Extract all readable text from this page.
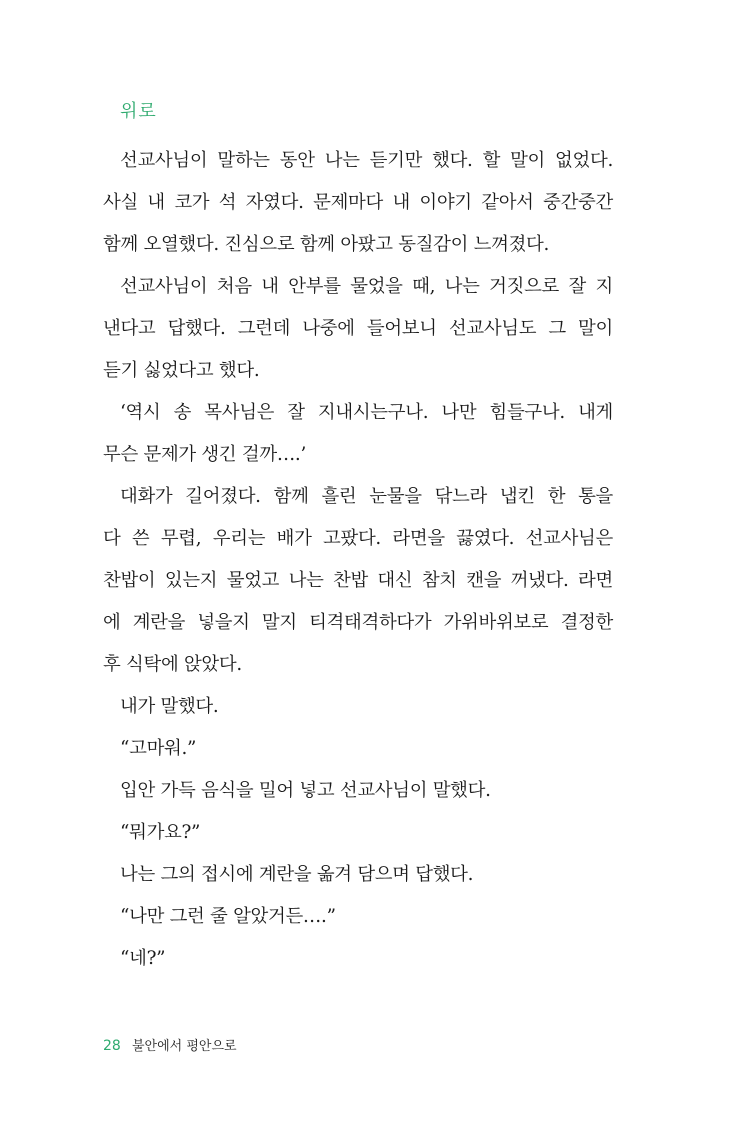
위로
선교사님이 말하는 동안 나는 듣기만 했다. 할 말이 없었다.
사실 내 코가 석 자였다. 문제마다 내 이야기 같아서 중간중간
함께 오열했다. 진심으로 함께 아팠고 동질감이 느껴졌다.
선교사님이 처음 내 안부를 물었을 때, 나는 거짓으로 잘 지
낸다고 답했다. 그런데 나중에 들어보니 선교사님도 그 말이
듣기 싫었다고 했다.
‘역시 송 목사님은 잘 지내시는구나. 나만 힘들구나. 내게
무슨 문제가 생긴 걸까….’
대화가 길어졌다. 함께 흘린 눈물을 닦느라 냅킨 한 통을
다 쓴 무렵, 우리는 배가 고팠다. 라면을 끓였다. 선교사님은
찬밥이 있는지 물었고 나는 찬밥 대신 참치 캔을 꺼냈다. 라면
에 계란을 넣을지 말지 티격태격하다가 가위바위보로 결정한
후 식탁에 앉았다.
내가 말했다.
“고마워.”
입안 가득 음식을 밀어 넣고 선교사님이 말했다.
“뭐가요?”
나는 그의 접시에 계란을 옮겨 담으며 답했다.
“나만 그런 줄 알았거든….”
“네?”
28 불안에서 평안으로
